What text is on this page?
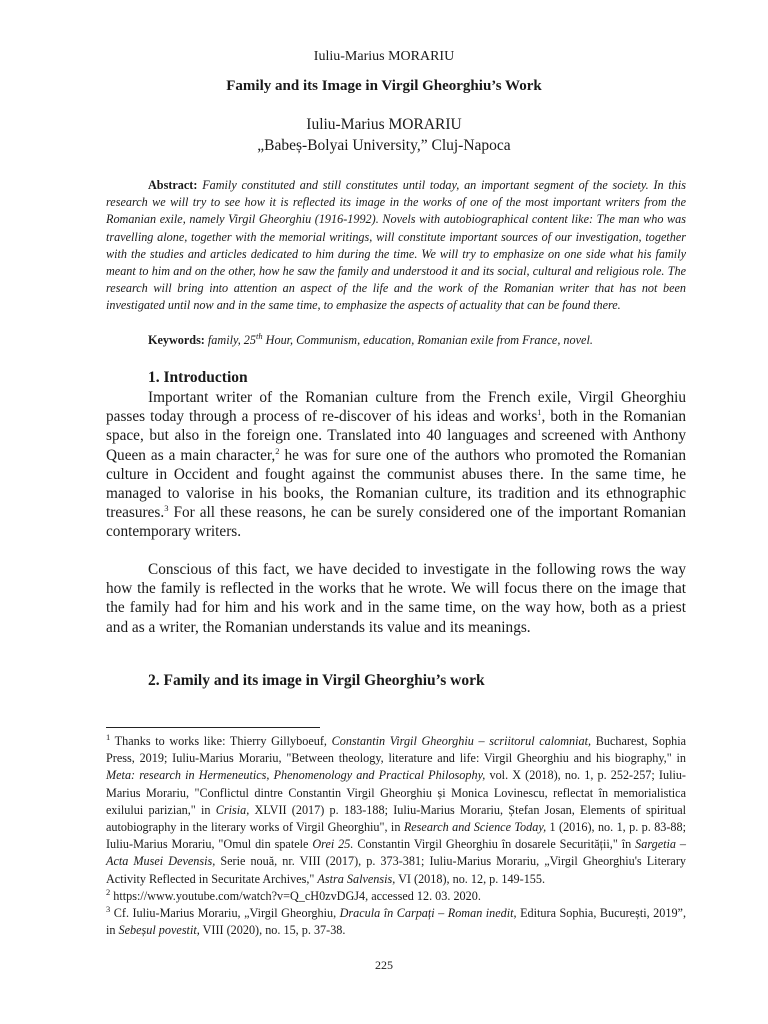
Iuliu-Marius MORARIU
Family and its Image in Virgil Gheorghiu’s Work
Iuliu-Marius MORARIU
„Babeș-Bolyai University,” Cluj-Napoca

Abstract: Family constituted and still constitutes until today, an important segment of the society. In this research we will try to see how it is reflected its image in the works of one of the most important writers from the Romanian exile, namely Virgil Gheorghiu (1916-1992). Novels with autobiographical content like: The man who was travelling alone, together with the memorial writings, will constitute important sources of our investigation, together with the studies and articles dedicated to him during the time. We will try to emphasize on one side what his family meant to him and on the other, how he saw the family and understood it and its social, cultural and religious role. The research will bring into attention an aspect of the life and the work of the Romanian writer that has not been investigated until now and in the same time, to emphasize the aspects of actuality that can be found there.

Keywords: family, 25th Hour, Communism, education, Romanian exile from France, novel.
1. Introduction

Important writer of the Romanian culture from the French exile, Virgil Gheorghiu passes today through a process of re-discover of his ideas and works$^1$, both in the Romanian space, but also in the foreign one. Translated into 40 languages and screened with Anthony Queen as a main character,$^2$ he was for sure one of the authors who promoted the Romanian culture in Occident and fought against the communist abuses there. In the same time, he managed to valorise in his books, the Romanian culture, its tradition and its ethnographic treasures.$^3$ For all these reasons, he can be surely considered one of the important Romanian contemporary writers.

Conscious of this fact, we have decided to investigate in the following rows the way how the family is reflected in the works that he wrote. We will focus there on the image that the family had for him and his work and in the same time, on the way how, both as a priest and as a writer, the Romanian understands its value and its meanings.

2. Family and its image in Virgil Gheorghiu’s work

$^1$ Thanks to works like: Thierry Gillyboeuf, Constantin Virgil Gheorghiu – scriitorul calomniat, Bucharest, Sophia Press, 2019; Iuliu-Marius Morariu, "Between theology, literature and life: Virgil Gheorghiu and his biography," in Meta: research in Hermeneutics, Phenomenology and Practical Philosophy, vol. X (2018), no. 1, p. 252-257; Iuliu-Marius Morariu, "Conflictul dintre Constantin Virgil Gheorghiu și Monica Lovinescu, reflectat în memorialistica exilului parizian," in Crisia, XLVII (2017) p. 183-188; Iuliu-Marius Morariu, Ștefan Josan, Elements of spiritual autobiography in the literary works of Virgil Gheorghiu", in Research and Science Today, 1 (2016), no. 1, p. p. 83-88; Iuliu-Marius Morariu, "Omul din spatele Orei 25. Constantin Virgil Gheorghiu în dosarele Securității," în Sargetia – Acta Musei Devensis, Serie nouă, nr. VIII (2017), p. 373-381; Iuliu-Marius Morariu, „Virgil Gheorghiu's Literary Activity Reflected in Securitate Archives," Astra Salvensis, VI (2018), no. 12, p. 149-155.

$^2$ https://www.youtube.com/watch?v=Q_cH0zvDGJ4, accessed 12. 03. 2020.

$^3$ Cf. Iuliu-Marius Morariu, „Virgil Gheorghiu, Dracula în Carpați – Roman inedit, Editura Sophia, București, 2019”, in Sebeșul povestit, VIII (2020), no. 15, p. 37-38.

225
